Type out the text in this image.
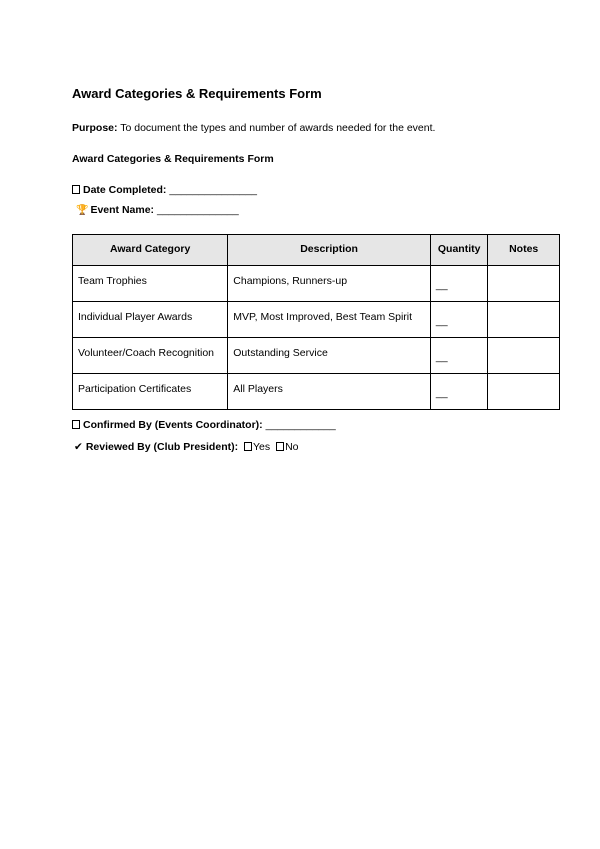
Award Categories & Requirements Form
Purpose: To document the types and number of awards needed for the event.
Award Categories & Requirements Form
Date Completed: _______________
🏆 Event Name: ______________
Award Category	Description	Quantity	Notes
Team Trophies	Champions, Runners-up	__	
Individual Player Awards	MVP, Most Improved, Best Team Spirit	__	
Volunteer/Coach Recognition	Outstanding Service	__	
Participation Certificates	All Players	__	
Confirmed By (Events Coordinator): ____________
✔ Reviewed By (Club President): Yes No
